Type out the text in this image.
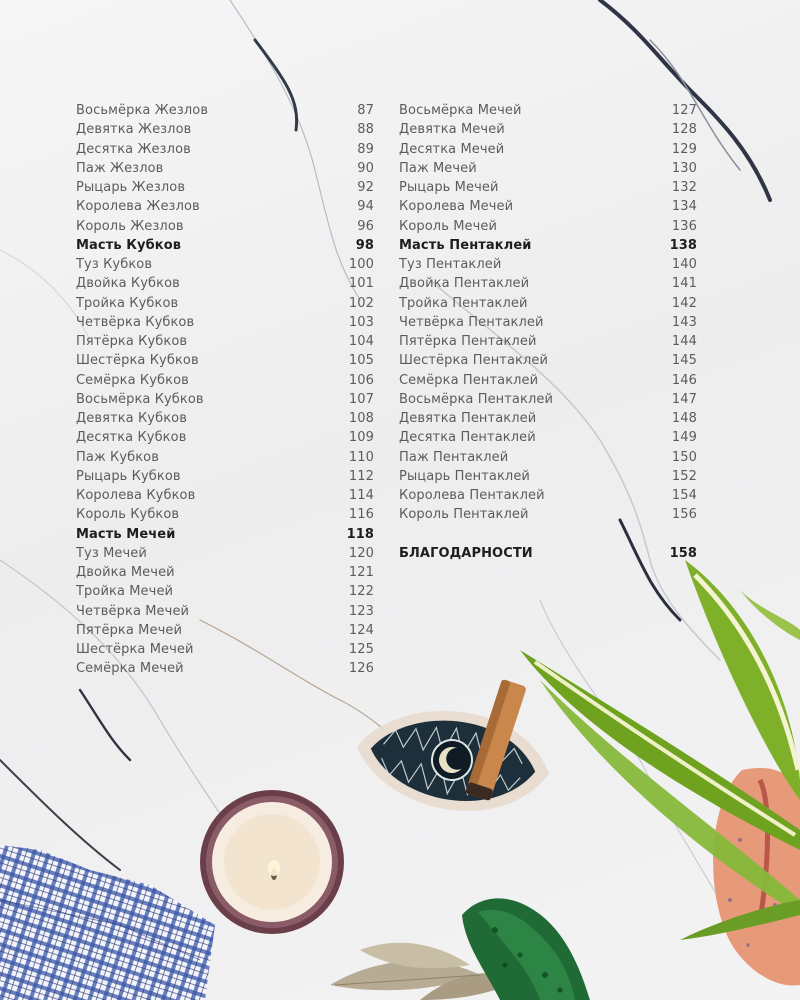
Восьмёрка Жезлов	87
Девятка Жезлов	88
Десятка Жезлов	89
Паж Жезлов	90
Рыцарь Жезлов	92
Королева Жезлов	94
Король Жезлов	96
Масть Кубков	98
Туз Кубков	100
Двойка Кубков	101
Тройка Кубков	102
Четвёрка Кубков	103
Пятёрка Кубков	104
Шестёрка Кубков	105
Семёрка Кубков	106
Восьмёрка Кубков	107
Девятка Кубков	108
Десятка Кубков	109
Паж Кубков	110
Рыцарь Кубков	112
Королева Кубков	114
Король Кубков	116
Масть Мечей	118
Туз Мечей	120
Двойка Мечей	121
Тройка Мечей	122
Четвёрка Мечей	123
Пятёрка Мечей	124
Шестёрка Мечей	125
Семёрка Мечей	126
Восьмёрка Мечей	127
Девятка Мечей	128
Десятка Мечей	129
Паж Мечей	130
Рыцарь Мечей	132
Королева Мечей	134
Король Мечей	136
Масть Пентаклей	138
Туз Пентаклей	140
Двойка Пентаклей	141
Тройка Пентаклей	142
Четвёрка Пентаклей	143
Пятёрка Пентаклей	144
Шестёрка Пентаклей	145
Семёрка Пентаклей	146
Восьмёрка Пентаклей	147
Девятка Пентаклей	148
Десятка Пентаклей	149
Паж Пентаклей	150
Рыцарь Пентаклей	152
Королева Пентаклей	154
Король Пентаклей	156
БЛАГОДАРНОСТИ	158
